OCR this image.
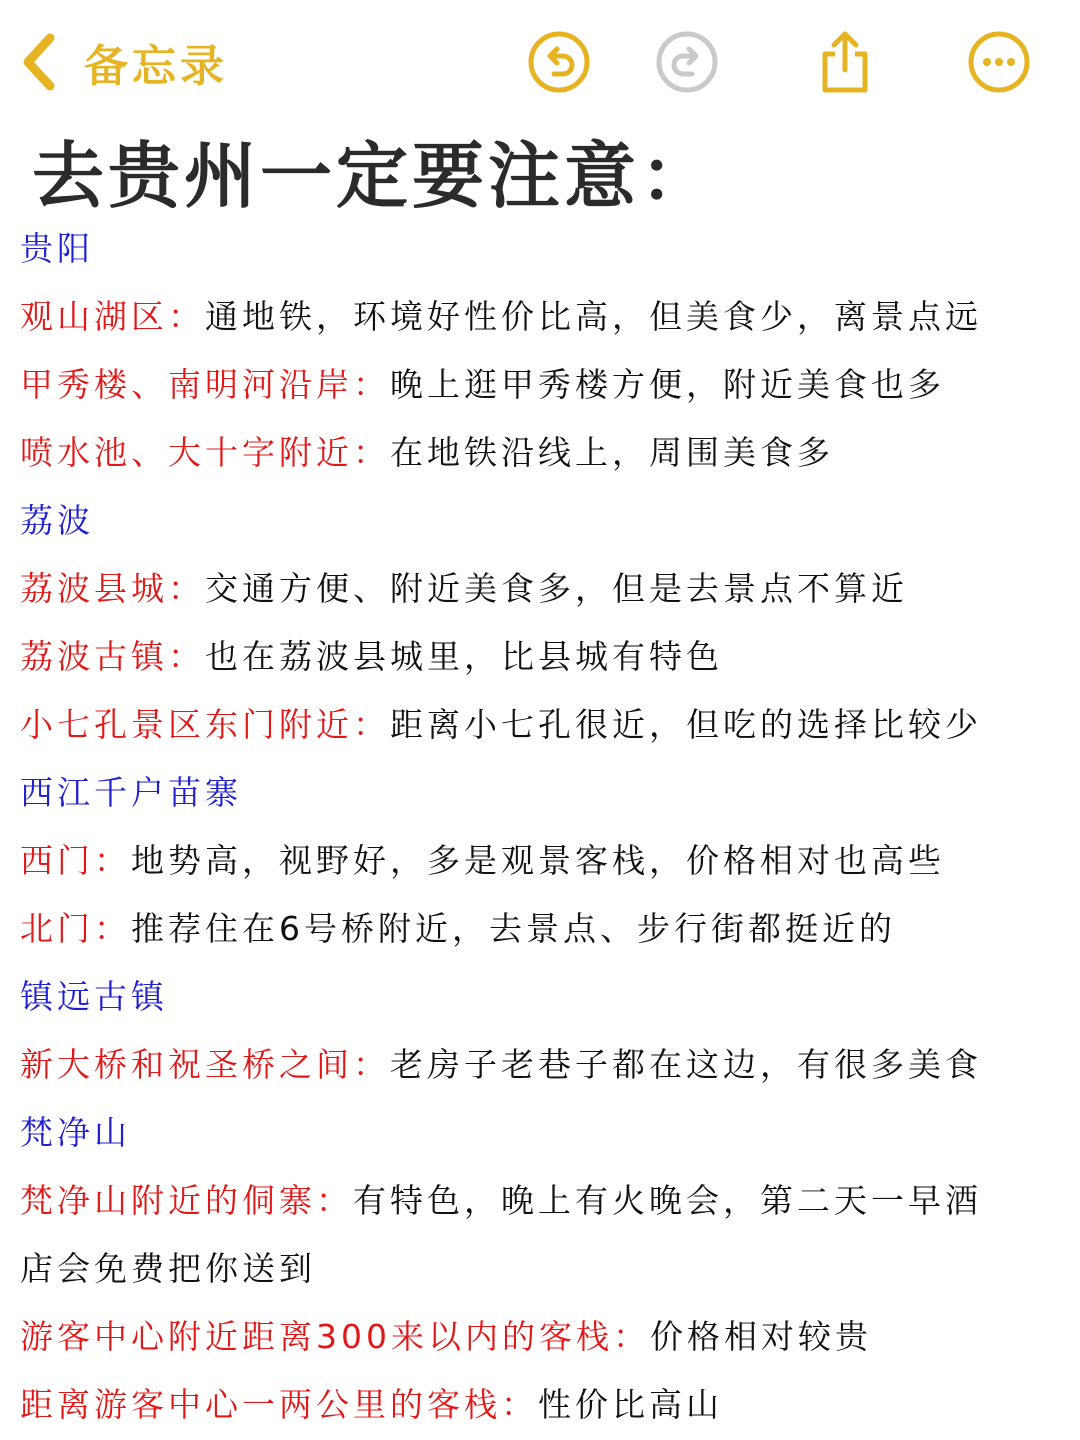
备忘录
去贵州一定要注意：
贵阳
观山湖区：通地铁，环境好性价比高，但美食少，离景点远
甲秀楼、南明河沿岸：晚上逛甲秀楼方便，附近美食也多
喷水池、大十字附近：在地铁沿线上，周围美食多
荔波
荔波县城：交通方便、附近美食多，但是去景点不算近
荔波古镇：也在荔波县城里，比县城有特色
小七孔景区东门附近：距离小七孔很近，但吃的选择比较少
西江千户苗寨
西门：地势高，视野好，多是观景客栈，价格相对也高些
北门：推荐住在6号桥附近，去景点、步行街都挺近的
镇远古镇
新大桥和祝圣桥之间：老房子老巷子都在这边，有很多美食
梵净山
梵净山附近的侗寨：有特色，晚上有火晚会，第二天一早酒
店会免费把你送到
游客中心附近距离300来以内的客栈：价格相对较贵
距离游客中心一两公里的客栈：性价比高山
